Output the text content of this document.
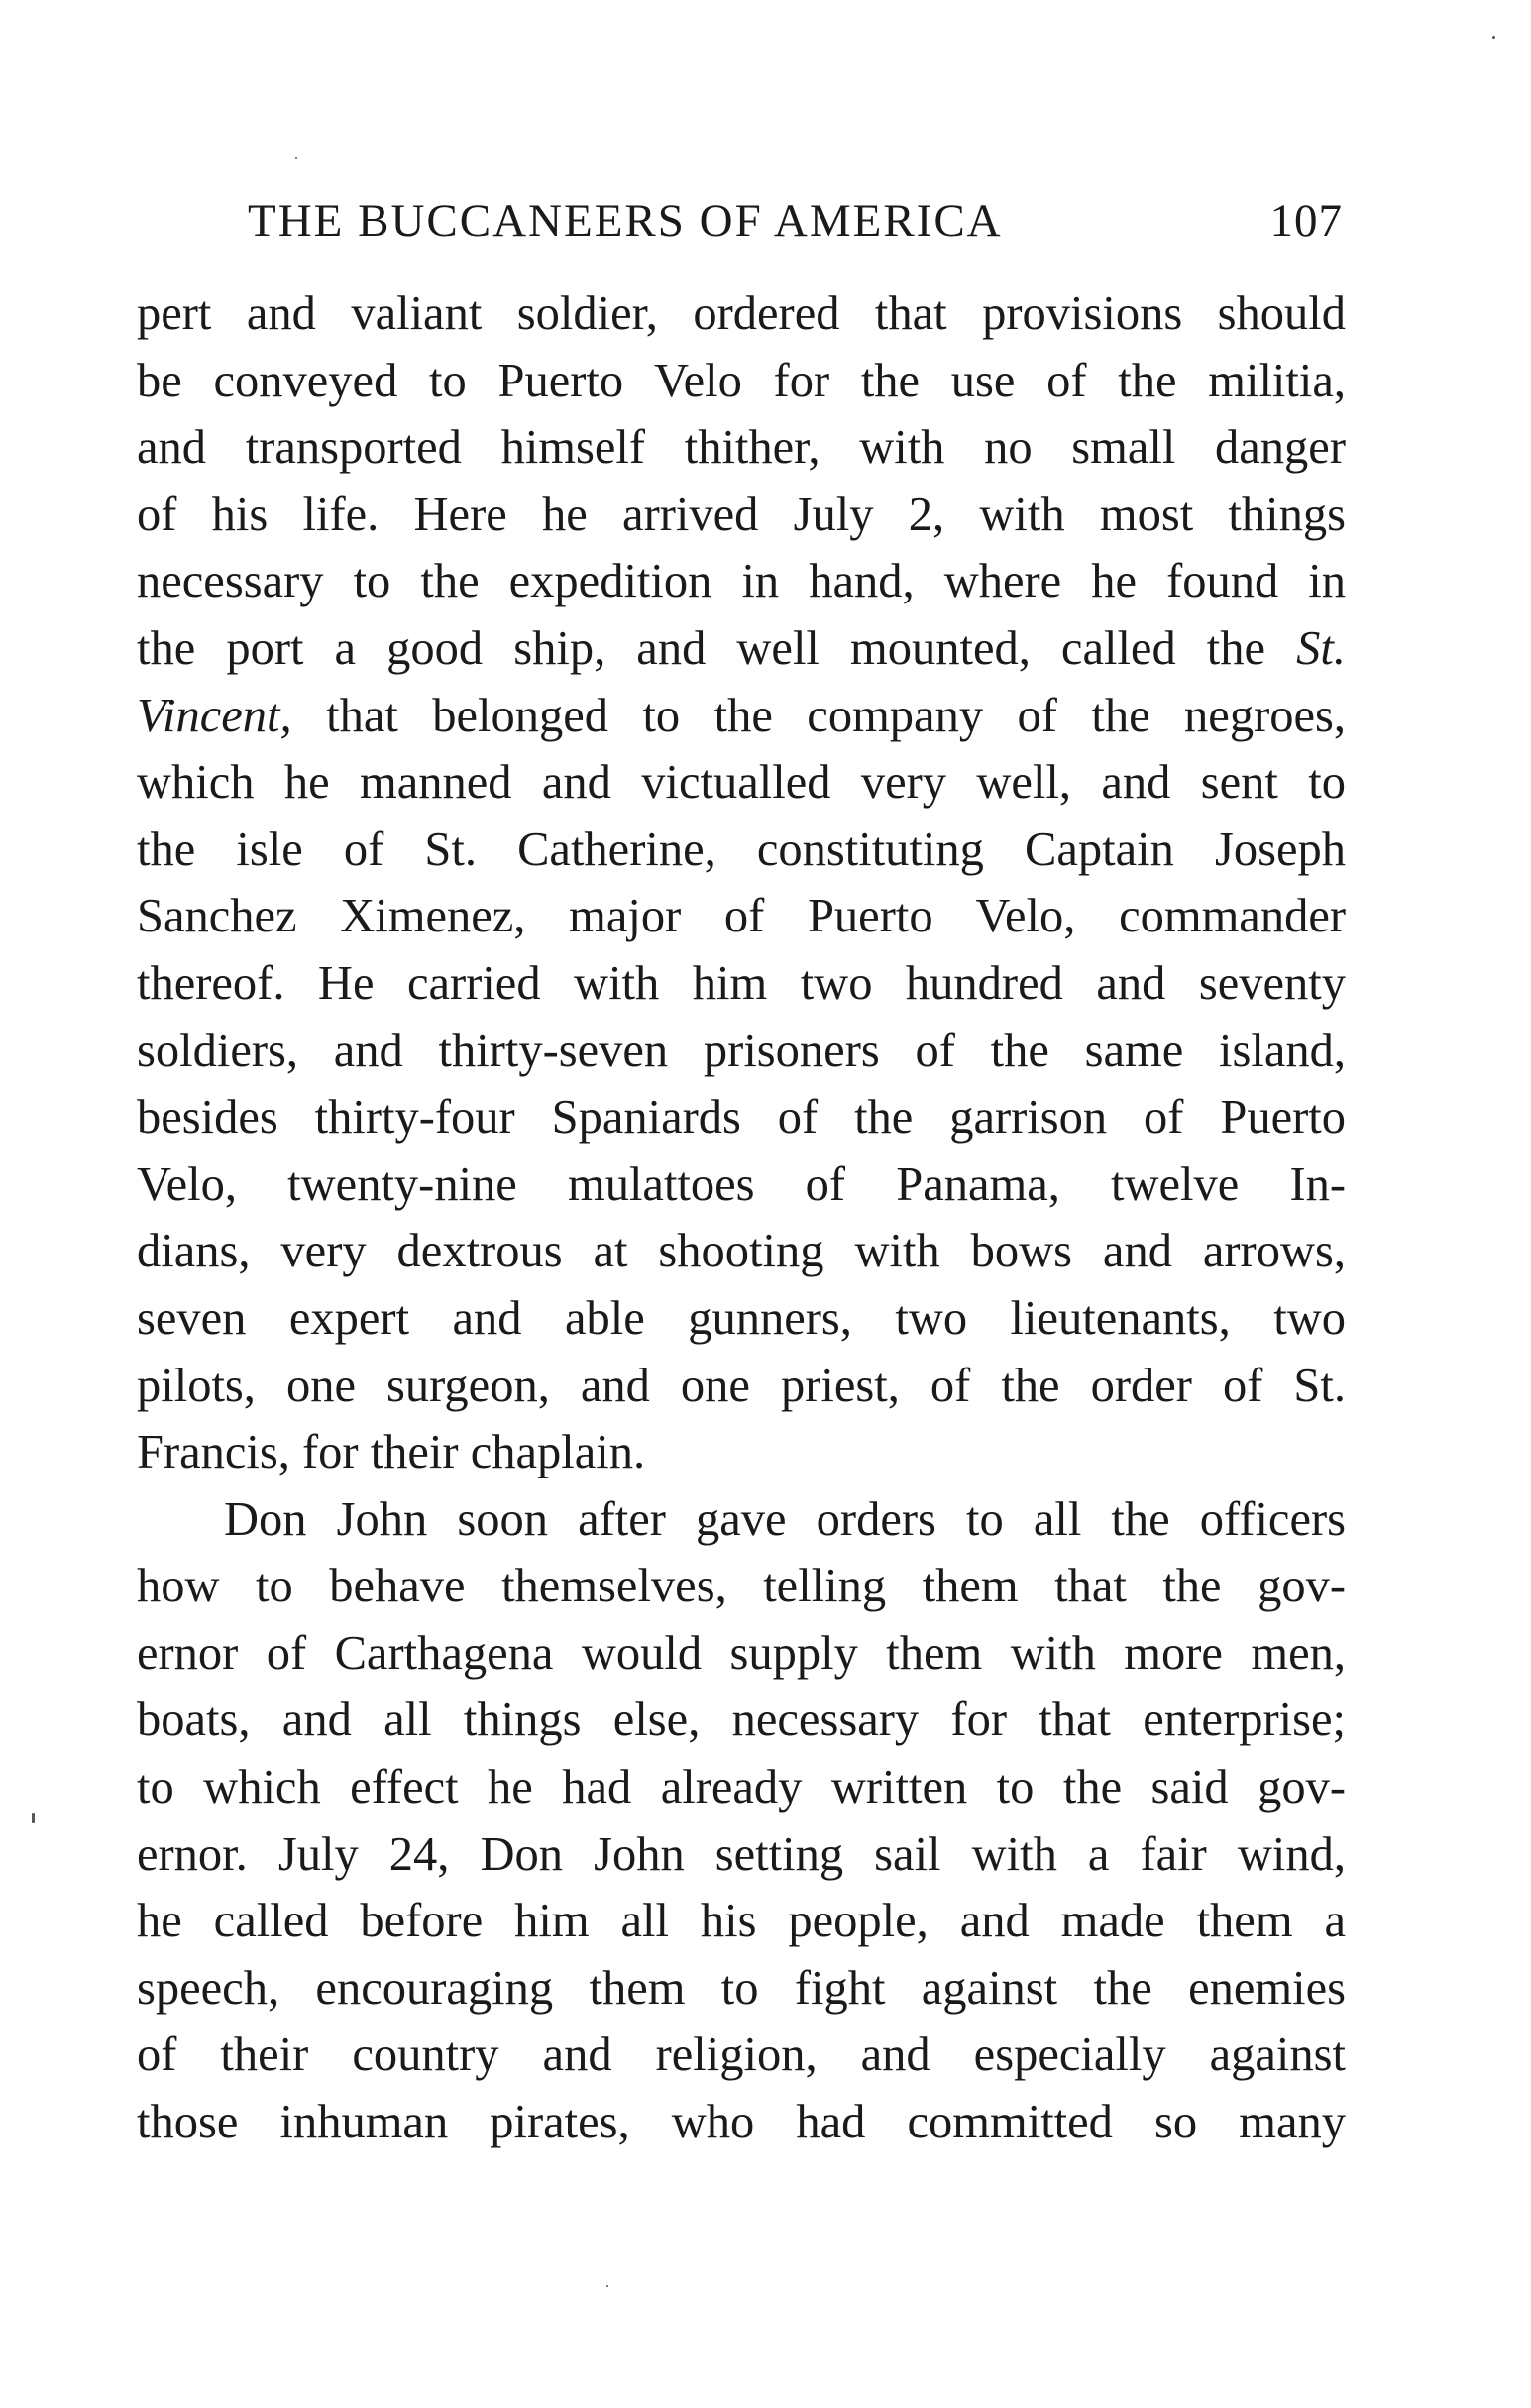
THE BUCCANEERS OF AMERICA	107
pert and valiant soldier, ordered that provisions should
be conveyed to Puerto Velo for the use of the militia,
and transported himself thither, with no small danger
of his life. Here he arrived July 2, with most things
necessary to the expedition in hand, where he found in
the port a good ship, and well mounted, called the St.
Vincent, that belonged to the company of the negroes,
which he manned and victualled very well, and sent to
the isle of St. Catherine, constituting Captain Joseph
Sanchez Ximenez, major of Puerto Velo, commander
thereof. He carried with him two hundred and seventy
soldiers, and thirty-seven prisoners of the same island,
besides thirty-four Spaniards of the garrison of Puerto
Velo, twenty-nine mulattoes of Panama, twelve In-
dians, very dextrous at shooting with bows and arrows,
seven expert and able gunners, two lieutenants, two
pilots, one surgeon, and one priest, of the order of St.
Francis, for their chaplain.
Don John soon after gave orders to all the officers
how to behave themselves, telling them that the gov-
ernor of Carthagena would supply them with more men,
boats, and all things else, necessary for that enterprise;
to which effect he had already written to the said gov-
ernor. July 24, Don John setting sail with a fair wind,
he called before him all his people, and made them a
speech, encouraging them to fight against the enemies
of their country and religion, and especially against
those inhuman pirates, who had committed so many
